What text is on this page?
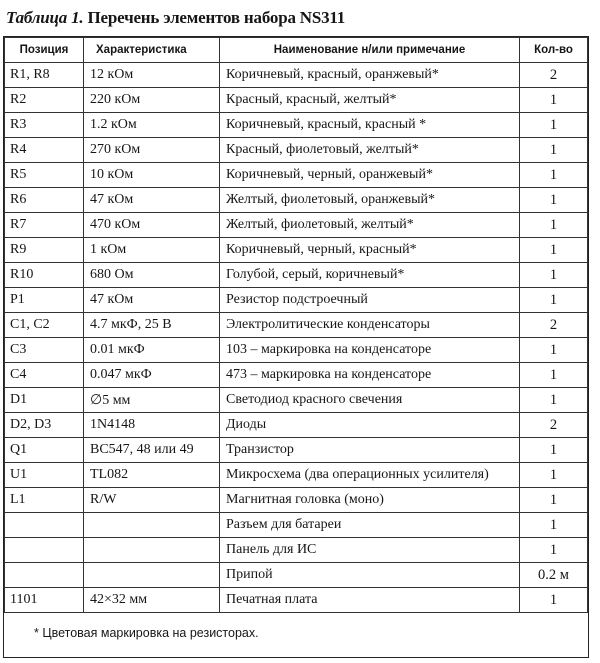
Таблица 1. Перечень элементов набора NS311
Позиция	Характеристика	Наименование н/или примечание	Кол-во
R1, R8	12 кОм	Коричневый, красный, оранжевый*	2
R2	220 кОм	Красный, красный, желтый*	1
R3	1.2 кОм	Коричневый, красный, красный *	1
R4	270 кОм	Красный, фиолетовый, желтый*	1
R5	10 кОм	Коричневый, черный, оранжевый*	1
R6	47 кОм	Желтый, фиолетовый, оранжевый*	1
R7	470 кОм	Желтый, фиолетовый, желтый*	1
R9	1 кОм	Коричневый, черный, красный*	1
R10	680 Ом	Голубой, серый, коричневый*	1
P1	47 кОм	Резистор подстроечный	1
C1, C2	4.7 мкФ, 25 В	Электролитические конденсаторы	2
C3	0.01 мкФ	103 – маркировка на конденсаторе	1
C4	0.047 мкФ	473 – маркировка на конденсаторе	1
D1	∅5 мм	Светодиод красного свечения	1
D2, D3	1N4148	Диоды	2
Q1	BC547, 48 или 49	Транзистор	1
U1	TL082	Микросхема (два операционных усилителя)	1
L1	R/W	Магнитная головка (моно)	1
		Разъем для батареи	1
		Панель для ИС	1
		Припой	0.2 м
1101	42×32 мм	Печатная плата	1
* Цветовая маркировка на резисторах.
